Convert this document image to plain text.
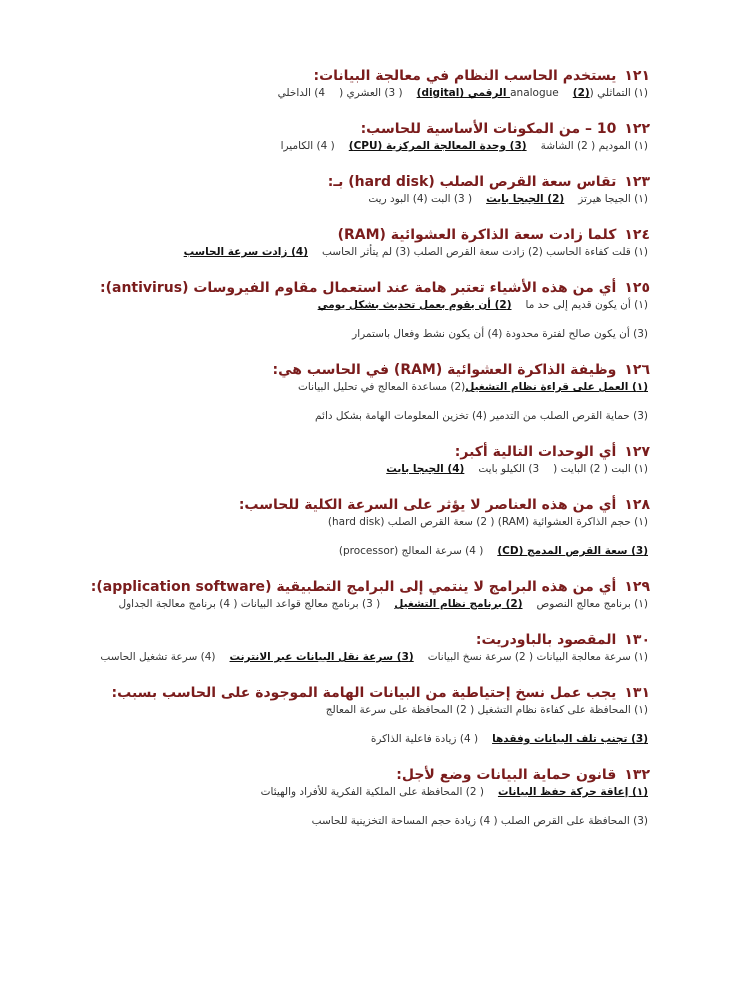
١٢١يستخدم الحاسب النظام في معالجة البيانات:
(١) التماثلي (analogue(2) الرقمي (digital)( 3) العشري (4) الداخلي
١٢٢10 – من المكونات الأساسية للحاسب:
(١) الموديم ( 2) الشاشة(3) وحدة المعالجة المركزية (CPU)( 4) الكاميرا
١٢٣تقاس سعة القرص الصلب (hard disk) بـ:
(١) الجيجا هيرتز(2) الجيجا بايت( 3) البت (4) البود ريت
١٢٤كلما زادت سعة الذاكرة العشوائية (RAM)
(١) قلت كفاءة الحاسب (2) زادت سعة القرص الصلب (3) لم يتأثر الحاسب(4) زادت سرعة الحاسب
١٢٥أي من هذه الأشياء تعتبر هامة عند استعمال مقاوم الفيروسات (antivirus):
(١) أن يكون قديم إلى حد ما(2) أن يقوم بعمل تحديث بشكل يومي
(3) أن يكون صالح لفترة محدودة (4) أن يكون نشط وفعال باستمرار
١٢٦وظيفة الذاكرة العشوائية (RAM) في الحاسب هي:
(١) العمل على قراءة نظام التشغيل(2) مساعدة المعالج في تحليل البيانات
(3) حماية القرص الصلب من التدمير (4) تخزين المعلومات الهامة بشكل دائم
١٢٧أي الوحدات التالية أكبر:
(١) البت ( 2) البايت (3) الكيلو بايت(4) الجيجا بايت
١٢٨أي من هذه العناصر لا يؤثر على السرعة الكلية للحاسب:
(١) حجم الذاكرة العشوائية (RAM) ( 2) سعة القرص الصلب (hard disk)
(3) سعة القرص المدمج (CD)( 4) سرعة المعالج (processor)
١٢٩أي من هذه البرامج لا ينتمي إلى البرامج التطبيقية (application software):
(١) برنامج معالج النصوص(2) برنامج نظام التشغيل( 3) برنامج معالج قواعد البيانات ( 4) برنامج معالجة الجداول
١٣٠المقصود بالباودريت:
(١) سرعة معالجة البيانات ( 2) سرعة نسخ البيانات(3) سرعة نقل البيانات عبر الانترنت(4) سرعة تشغيل الحاسب
١٣١يجب عمل نسخ إحتياطية من البيانات الهامة الموجودة على الحاسب بسبب:
(١) المحافظة على كفاءة نظام التشغيل ( 2) المحافظة على سرعة المعالج
(3) تجنب تلف البيانات وفقدها( 4) زيادة فاعلية الذاكرة
١٣٢قانون حماية البيانات وضع لأجل:
(١) إعاقة حركة حفظ البيانات( 2) المحافظة على الملكية الفكرية للأفراد والهيئات
(3) المحافظة على القرص الصلب ( 4) زيادة حجم المساحة التخزينية للحاسب
